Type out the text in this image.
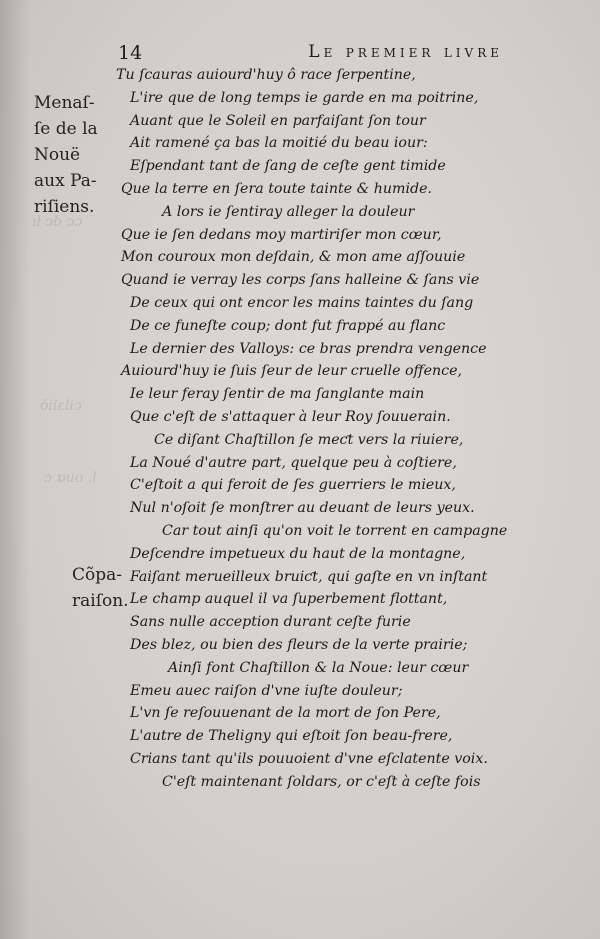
ıl ᴐb ɔɔ
ōiiɛliɔ
ɔ ɒuo .l
14	Le premier livre
Menaſ-
ſe de la
Nouë
aux Pa-
riſiens.
Cõpa-
raiſon.
Tu ſcauras auiourd'huy ô race ſerpentine,
L'ire que de long temps ie garde en ma poitrine,
Auant que le Soleil en parfaiſant ſon tour
Ait ramené ça bas la moitié du beau iour:
Eſpendant tant de ſang de ceſte gent timide
Que la terre en ſera toute tainte & humide.
A lors ie ſentiray alleger la douleur
Que ie ſen dedans moy martiriſer mon cœur,
Mon couroux mon deſdain, & mon ame aſſouuie
Quand ie verray les corps ſans halleine & ſans vie
De ceux qui ont encor les mains taintes du ſang
De ce funeſte coup; dont fut frappé au flanc
Le dernier des Valloys: ce bras prendra vengence
Auiourd'huy ie ſuis ſeur de leur cruelle offence,
Ie leur feray ſentir de ma ſanglante main
Que c'eſt de s'attaquer à leur Roy ſouuerain.
Ce diſant Chaſtillon ſe meƈt vers la riuiere,
La Noué d'autre part, quelque peu à coſtiere,
C'eſtoit a qui feroit de ſes guerriers le mieux,
Nul n'oſoit ſe monſtrer au deuant de leurs yeux.
Car tout ainſi qu'on voit le torrent en campagne
Deſcendre impetueux du haut de la montagne,
Faiſant merueilleux bruiƈt, qui gaſte en vn inſtant
Le champ auquel il va ſuperbement flottant,
Sans nulle acception durant ceſte furie
Des blez, ou bien des fleurs de la verte prairie;
Ainſi font Chaſtillon & la Noue: leur cœur
Emeu auec raiſon d'vne iuſte douleur;
L'vn ſe reſouuenant de la mort de ſon Pere,
L'autre de Theligny qui eſtoit ſon beau-frere,
Crians tant qu'ils pouuoient d'vne eſclatente voix.
C'eſt maintenant ſoldars, or c'eſt à ceſte fois
